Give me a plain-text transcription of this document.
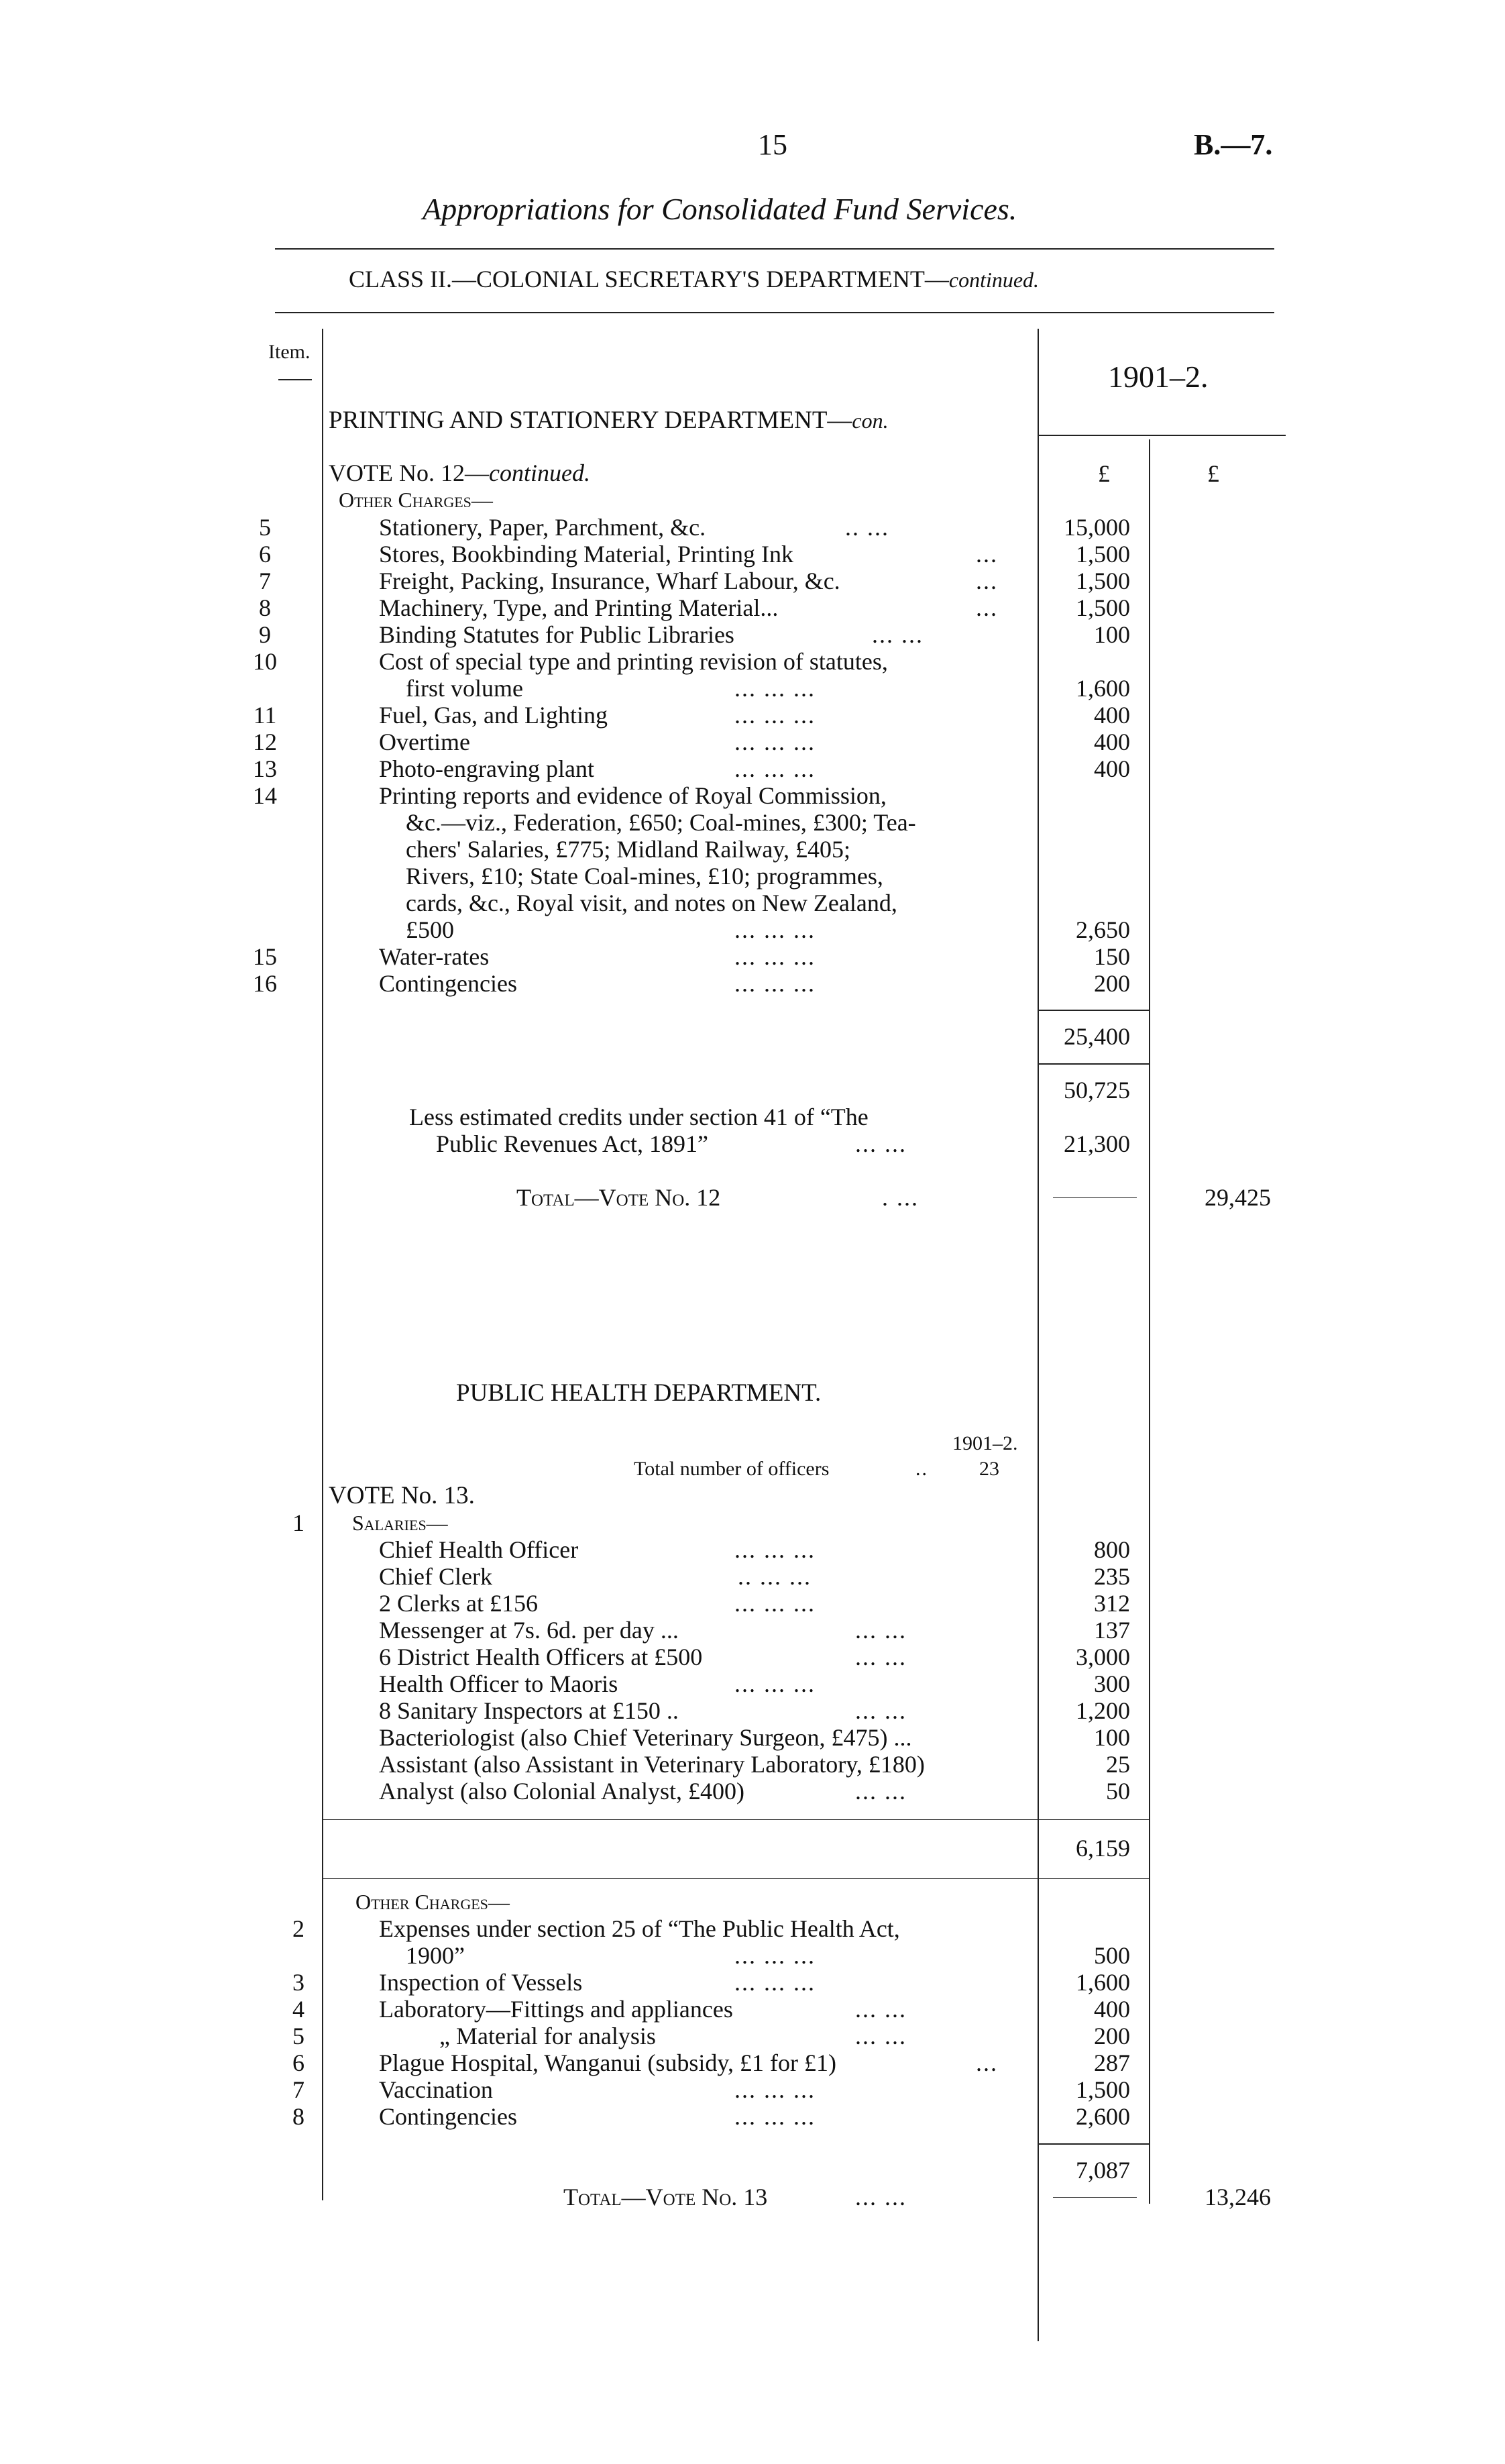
15	B.—7.
Appropriations for Consolidated Fund Services.
CLASS II.—COLONIAL SECRETARY'S DEPARTMENT—continued.
Item.
1901–2.
£	£
PRINTING AND STATIONERY DEPARTMENT—con.
VOTE No. 12—continued.
Other Charges—
5	Stationery, Paper, Parchment, &c.	.. ...	15,000
6	Stores, Bookbinding Material, Printing Ink	...	1,500
7	Freight, Packing, Insurance, Wharf Labour, &c.	...	1,500
8	Machinery, Type, and Printing Material...	...	1,500
9	Binding Statutes for Public Libraries	... ...	100
10	Cost of special type and printing revision of statutes,
first volume	... ... ...	1,600
11	Fuel, Gas, and Lighting	... ... ...	400
12	Overtime	... ... ...	400
13	Photo-engraving plant	... ... ...	400
14	Printing reports and evidence of Royal Commission,
&c.—viz., Federation, £650; Coal-mines, £300; Tea-
chers' Salaries, £775; Midland Railway, £405;
Rivers, £10; State Coal-mines, £10; programmes,
cards, &c., Royal visit, and notes on New Zealand,
£500	... ... ...	2,650
15	Water-rates	... ... ...	150
16	Contingencies	... ... ...	200
25,400
50,725
Less estimated credits under section 41 of “The
Public Revenues Act, 1891”	... ...	21,300
Total—Vote No. 12	. ...	29,425
PUBLIC HEALTH DEPARTMENT.
1901–2.
Total number of officers	..	23
VOTE No. 13.
1	Salaries—
Chief Health Officer	... ... ...	800
Chief Clerk	.. ... ...	235
2 Clerks at £156	... ... ...	312
Messenger at 7s. 6d. per day ...	... ...	137
6 District Health Officers at £500	... ...	3,000
Health Officer to Maoris	... ... ...	300
8 Sanitary Inspectors at £150 ..	... ...	1,200
Bacteriologist (also Chief Veterinary Surgeon, £475) ...	100
Assistant (also Assistant in Veterinary Laboratory, £180)	25
Analyst (also Colonial Analyst, £400)	... ...	50
6,159
Other Charges—
2	Expenses under section 25 of “The Public Health Act,
1900”	... ... ...	500
3	Inspection of Vessels	... ... ...	1,600
4	Laboratory—Fittings and appliances	... ...	400
5	„ Material for analysis	... ...	200
6	Plague Hospital, Wanganui (subsidy, £1 for £1)	...	287
7	Vaccination	... ... ...	1,500
8	Contingencies	... ... ...	2,600
7,087
Total—Vote No. 13	... ...	13,246
